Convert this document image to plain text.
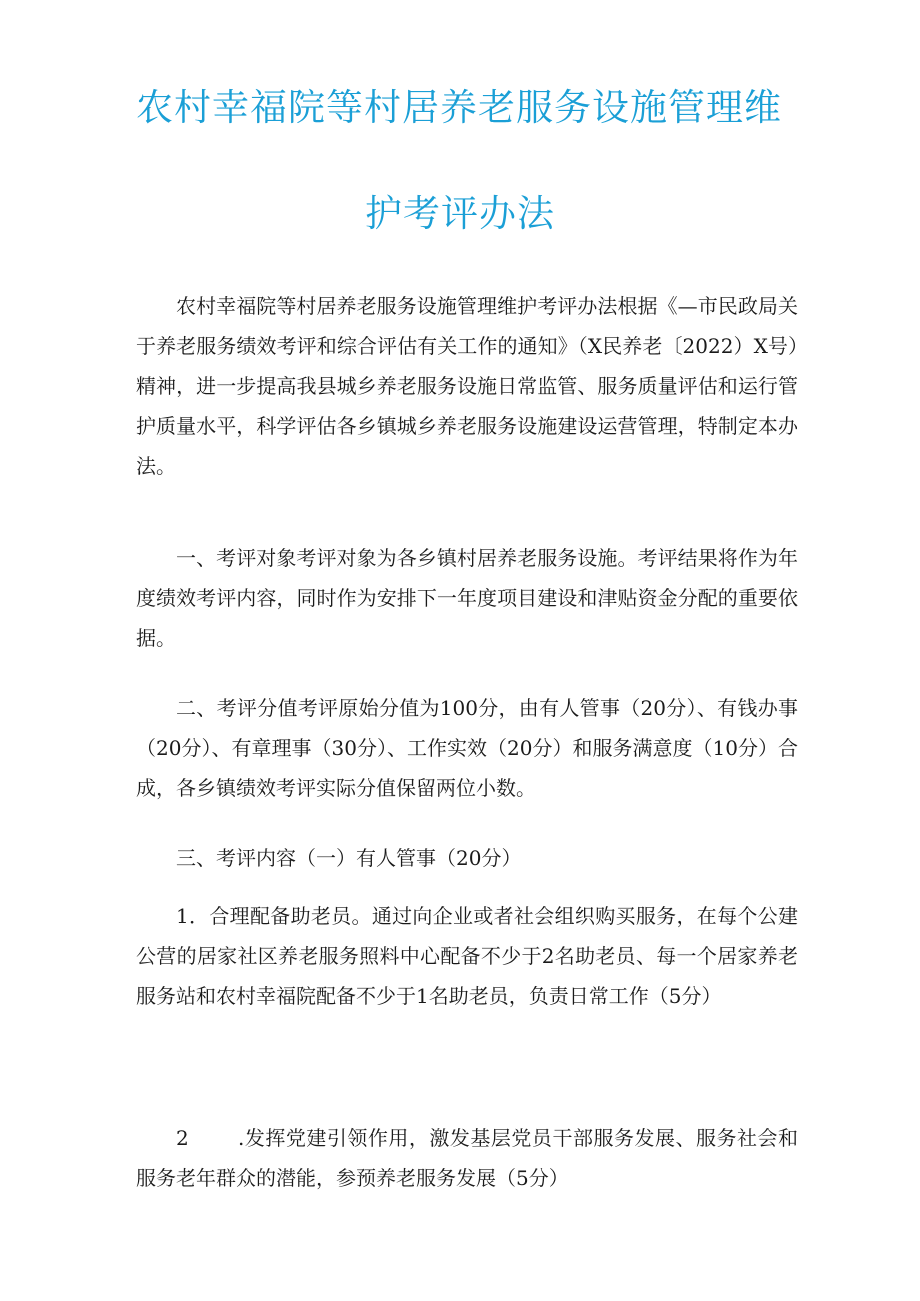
农村幸福院等村居养老服务设施管理维
护考评办法

农村幸福院等村居养老服务设施管理维护考评办法根据《—市民政局关于养老服务绩效考评和综合评估有关工作的通知》（X民养老〔2022）X号）精神，进一步提高我县城乡养老服务设施日常监管、服务质量评估和运行管护质量水平，科学评估各乡镇城乡养老服务设施建设运营管理，特制定本办法。

一、考评对象考评对象为各乡镇村居养老服务设施。考评结果将作为年度绩效考评内容，同时作为安排下一年度项目建设和津贴资金分配的重要依据。

二、考评分值考评原始分值为100分，由有人管事（20分）、有钱办事（20分）、有章理事（30分）、工作实效（20分）和服务满意度（10分）合成，各乡镇绩效考评实际分值保留两位小数。

三、考评内容（一）有人管事（20分）

1．合理配备助老员。通过向企业或者社会组织购买服务，在每个公建公营的居家社区养老服务照料中心配备不少于2名助老员、每一个居家养老服务站和农村幸福院配备不少于1名助老员，负责日常工作（5分）

2 .发挥党建引领作用，激发基层党员干部服务发展、服务社会和服务老年群众的潜能，参预养老服务发展（5分）
